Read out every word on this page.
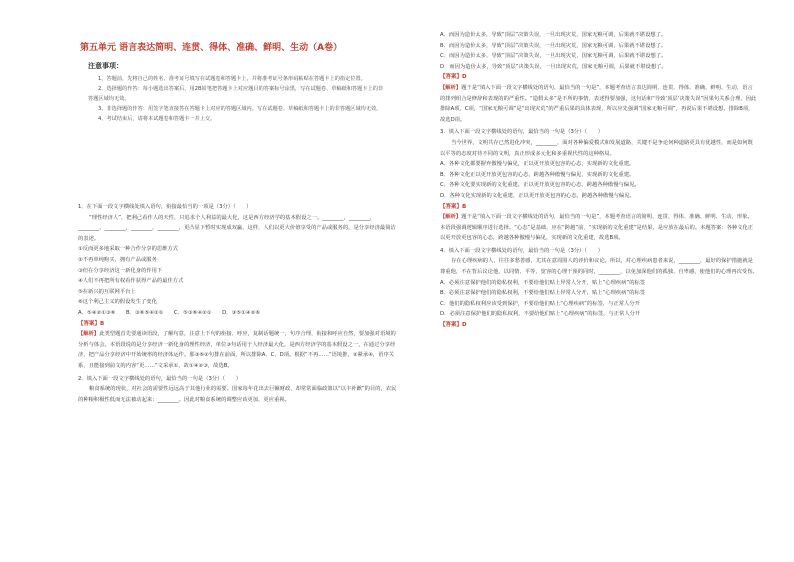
第五单元 语言表达简明、连贯、得体、准确、鲜明、生动（A卷）
注意事项：

1、答题前，先将自己的姓名、准考证号填写在试题卷和答题卡上，并将准考证号条形码粘贴在答题卡上的指定位置。

2、选择题的作答：每小题选出答案后，用2B铅笔把答题卡上对应题目的答案标号涂黑，写在试题卷、草稿纸和答题卡上的非答题区域均无效。

3、非选择题的作答：用签字笔直接答在答题卡上对应的答题区域内。写在试题卷、草稿纸和答题卡上的非答题区域均无效。

4、考试结束后，请将本试题卷和答题卡一并上交。

1．在下面一段文字横线处填入语句，衔接最恰当的一项是（3分）（　　）

“理性经济人”，把利己看作人的天性，只追求个人利益的最大化，这是西方经济学的基本假设之一。________，________，________，________，________，________，更凸显下暂时实现成双赢，这样，人们以更大价值享受的产品或服务的，是分享经济最简洁的表述。

①反而更多地采取一种合作分享的思维方式

②不再单纯购买、拥有产品或服务

③但在分享经济这一新化身的作用下

④人们不再把所有权看作获得产品的最佳方式

⑤在新兴的互联网平台上

⑥这个利己主义的假设发生了变化

A．⑤④②①③⑥　　B．③⑥⑤④②①　　C．⑤③⑥④②①　　D．③⑤①④②⑥

【答案】B

【解析】此类型题首先要通读语段，了解句意，注意上下句的衔接、呼应，复制话题统一，句序合理，衔接和呼应自然，要加强对语境的分析与体会。本语段说的是分享经济一新化身的理性经济，单位③句话用于人经济最大化，是西方经济学的基本假设之一，在通过分享经济，把产品分享经济中开始统率的经济体运作。那③⑥②句排在前面，所以排除A、C、D项。根据“不再……”语境推，②紧承④，语序关系，且能接到前文的内容“更……”文采承①，故①④②③，故选B。

2．填入下面一段文字横线处的语句，最恰当的一句是（3分）（　　）

粮食系统的现状，对社会的需要性远远高于其他行业的需要。国家每年花出去巨额财政，却常常面临政策以“以丰补歉”的目的，农民的种粮积极性低而无法被动起来：________。因此对粮食系统的调整应该更加，更应重视。

A．而因为造价太多，导致“顶层”决策失误，一旦出现灾荒，国家无粮可调，后果就不堪设想了。

B．而因为造价太多，导致“顶层”决策失误，一旦出现灾荒，国家无粮可调，后果就不堪设想了。

C．而因为造价太多，导致“顶层”决策失误，一旦出现灾荒，国家无粮可调，后果就不堪设想了。

D．而因为造价太多，导致“顶层”决策失误，一旦出现灾荒，国家无粮可调，后果就不堪设想了。

【答案】D

【解析】题干是“填入下面一段文字横线处的语句，最恰当的一句是”，本题考查语言表达简明、连贯、得体、准确、鲜明、生动，语言的排列组合是修辞和表现的的严重性。“造假太多”是不所的事情，表述得要加强，这句话和“导致‘顶层’决策失误”因果句关系合理，因此排除A项，C项，“国家无粮可调”是“出现灾荒”的严重后果的具体表现，所以应先强调“国家无粮可调”，再说后果不堪设想，排除B项，故选D项。

3．填入下面一段文字横线处的语句，最恰当的一句是（3分）（　　）

当今世界，文明共存已然进化冲突，________，面对各种偏爱模式和发展道路，关键不是争论何种道路更具有优越性，而是如何既以平等的态度对待不同的文明，真正形成多元化和多重视代性的这种格局。

A．各种文化都要摒弃傲慢与偏见，正以更开放更包容的心态，实现新的文化重建。

B．各种文化正以更开放更包容的心态，跨越各种傲慢与偏见，实现新的文化重建。

C．各种文化要实现新的文化重建，正以更开放更包容的心态，跨越各种傲慢与偏见。

D．各种文化实现新的文化重建，正以更开放更包容的心态，跨越各种傲慢与偏见。

【答案】B

【解析】题干是“填入下面一段文字横线处的语句，最恰当的一句是”，本题考查语言的简明、连贯、得体、准确、鲜明、生动、形象。本语段强调逻辑顺序进行选择。“心态”是基础，应在“跨越”前，“实现新的文化重建”是结果，是应放在最后的。本题答案：各种文化正以更开放更包容的心态，跨越各种傲慢与偏见，实现新的文化重建，故选B项。

4．填入下面一段文字横线处的语句，最恰当的一句是（3分）（　　）

存在心理疾病的人，往往多愁善感，尤其在意周围人的评价和议论。所以，对心理疾病患者来说，________，最好的保护措施就是尊重他，不在背后议论他，以同情、平等、宽容的心理干预的同时，________，以免加深他们的孤独、自卑感，使他们的心理再次受伤。

A．必须注意保护他们的隐私权利，不要给他们贴上异常人分开，贴上“心理疾病”的标签

B．必须注意保护他们的隐私权利，不要给他们贴上异常人分开，贴上“心理疾病”的标签

C．他们的隐私权利应该受到保护，不要给他们贴上“心理疾病”的标签，与正常人分开

D．必须注意保护他们的隐私权利，不要给他们贴上“心理疾病”的标签，与正常人分开

【答案】D
